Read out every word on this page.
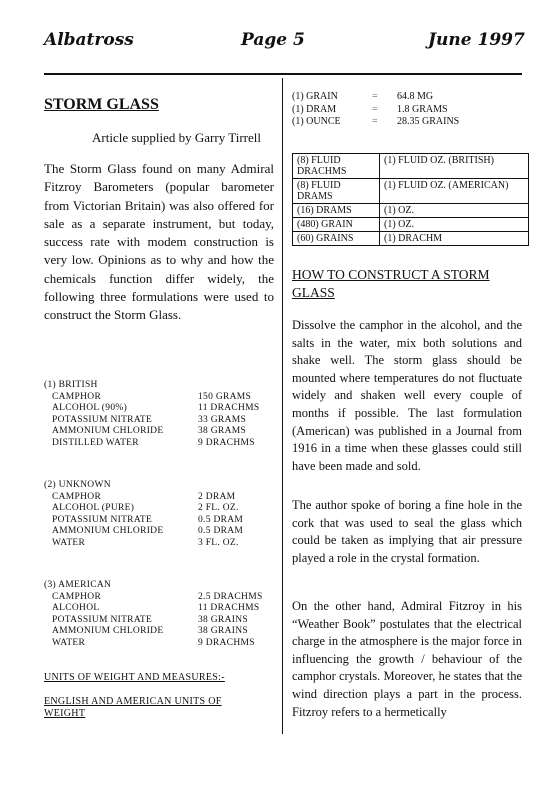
Albatross	Page 5	June 1997
STORM GLASS
Article supplied by Garry Tirrell
The Storm Glass found on many Admiral Fitzroy Barometers (popular barometer from Victorian Britain) was also offered for sale as a separate instrument, but today, success rate with modem construction is very low. Opinions as to why and how the chemicals function differ widely, the following three formulations were used to construct the Storm Glass.
(1) BRITISH
CAMPHOR	150 GRAMS
ALCOHOL (90%)	11 DRACHMS
POTASSIUM NITRATE	33 GRAMS
AMMONIUM CHLORIDE	38 GRAMS
DISTILLED WATER	9 DRACHMS
(2) UNKNOWN
CAMPHOR	2 DRAM
ALCOHOL (PURE)	2 FL. OZ.
POTASSIUM NITRATE	0.5 DRAM
AMMONIUM CHLORIDE	0.5 DRAM
WATER	3 FL. OZ.
(3) AMERICAN
CAMPHOR	2.5 DRACHMS
ALCOHOL	11 DRACHMS
POTASSIUM NITRATE	38 GRAINS
AMMONIUM CHLORIDE	38 GRAINS
WATER	9 DRACHMS
UNITS OF WEIGHT AND MEASURES:-
ENGLISH AND AMERICAN UNITS OF WEIGHT
(1) GRAIN	=	64.8 MG
(1) DRAM	=	1.8 GRAMS
(1) OUNCE	=	28.35 GRAINS
(8) FLUID DRACHMS	(1) FLUID OZ. (BRITISH)
(8) FLUID DRAMS	(1) FLUID OZ. (AMERICAN)
(16) DRAMS	(1) OZ.
(480) GRAIN	(1) OZ.
(60) GRAINS	(1) DRACHM
HOW TO CONSTRUCT A STORM GLASS
Dissolve the camphor in the alcohol, and the salts in the water, mix both solutions and shake well. The storm glass should be mounted where temperatures do not fluctuate widely and shaken well every couple of months if possible. The last formulation (American) was published in a Journal from 1916 in a time when these glasses could still have been made and sold.
The author spoke of boring a fine hole in the cork that was used to seal the glass which could be taken as implying that air pressure played a role in the crystal formation.
On the other hand, Admiral Fitzroy in his “Weather Book” postulates that the electrical charge in the atmosphere is the major force in influencing the growth / behaviour of the camphor crystals. Moreover, he states that the wind direction plays a part in the process. Fitzroy refers to a hermetically
